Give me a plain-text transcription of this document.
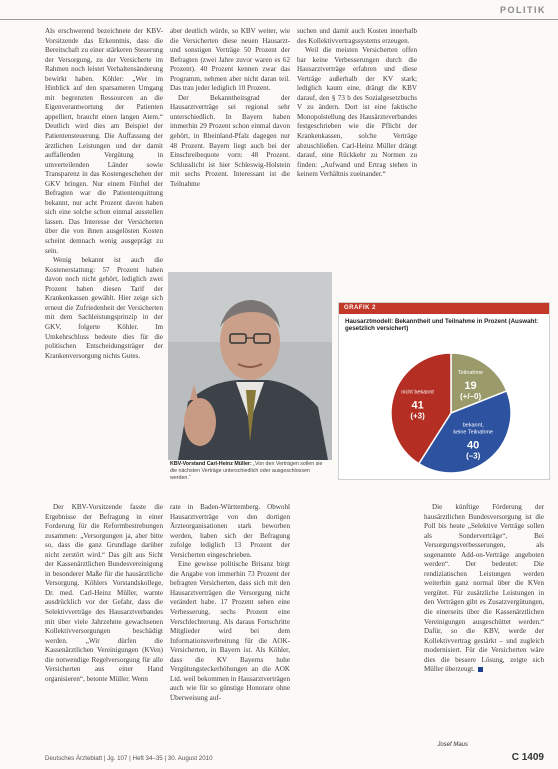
POLITIK

Als erschwerend bezeichnete der KBV-Vorsitzende das Erkenntnis, dass die Bereitschaft zu einer stärkeren Steuerung der Versorgung, zu der Versicherte im Rahmen noch leistet Verhaltensänderung bewirkt haben. Köhler: „Wer im Hinblick auf den sparsameren Umgang mit begrenzten Ressourcen an die Eigenverantwortung der Patienten appelliert, braucht einen langen Atem.“ Deutlich wird dies am Beispiel der Patientensteuerung. Die Auffassung der ärztlichen Leistungen und der damit auffallenden Vergütung in umverteilenden Länder sowie Transparenz in das Kostengeschehen der GKV bringen. Nur einem Fünftel der Befragten war die Patientenquittung bekannt, nur acht Prozent davon haben sich eine solche schon einmal ausstellen lassen. Das Interesse der Versicherten über die von ihnen ausgelösten Kosten scheint demnach wenig ausgeprägt zu sein.

Wenig bekannt ist auch die Kostenerstattung: 57 Prozent haben davon noch nicht gehört, lediglich zwei Prozent haben diesen Tarif der Krankenkassen gewählt. Hier zeige sich erneut die Zufriedenheit der Versicherten mit dem Sachleistungsprinzip in der GKV, folgerte Köhler. Im Umkehrschluss bedeute dies für die politischen Entscheidungsträger der Krankenversorgung nichts Gutes.

Der KBV-Vorsitzende fasste die Ergebnisse der Befragung in einer Forderung für die Reformbestrebungen zusammen: „Versorgungen ja, aber bitte so, dass die ganz Grundlage darüber nicht zerstört wird.“ Das gilt aus Sicht der Kassenärztlichen Bundesvereinigung in besonderer Maße für die hausärztliche Versorgung. Köhlers Vorstandskollege, Dr. med. Carl-Heinz Müller, warnte ausdrücklich vor der Gefahr, dass die Selektivverträge des Hausarztverbandes mit über viele Jahrzehnte gewachsenen Kollektivversorgungen beschädigt werden. „Wir dürfen die Kassenärztlichen Vereinigungen (KVen) die notwendige Regelversorgung für alle Versicherten aus einer Hand organisieren“, betonte Müller. Wenn

aber deutlich würde, so KBV weiter, wie die Versicherten diese neuen Hausarzt- und sonstigen Verträge 50 Prozent der Befragten (zwei Jahre zuvor waren es 62 Prozent). 40 Prozent kennen zwar das Programm, nehmen aber nicht daran teil. Das trau jeder lediglich 10 Prozent.

Der Bekanntheitsgrad der Hausarztverträge sei regional sehr unterschiedlich. In Bayern haben immerhin 29 Prozent schon einmal davon gehört, in Rheinland-Pfalz dagegen nur 48 Prozent. Bayern liegt auch bei der Einschreibequote vorn: 48 Prozent. Schlusslicht ist hier Schleswig-Holstein mit sechs Prozent. Interessant ist die Teilnahme

rate in Baden-Württemberg. Obwohl Hausarztverträge von den dortigen Ärzteorganisationen stark beworben werden, haben sich der Befragung zufolge lediglich 13 Prozent der Versicherten eingeschrieben.

Eine gewisse politische Brisanz birgt die Angabe von immerhin 73 Prozent der befragten Versicherten, dass sich mit den Hausarztverträgen die Versorgung nicht verändert habe. 17 Prozent sehen eine Verbesserung, sechs Prozent eine Verschlechterung. Als daraus Fortschritte Mitglieder wird bei dem Informationsverbreitung für die AOK-Versicherten, in Bayern ist. Als Köhler, dass die KV Bayerns hohe Vergütungsteckerhöhungen an die AOK Ltd. weil bekommen in Hausarztverträgen auch wie für so günstige Honorare ohne Überweisung auf-

suchen und damit auch Kosten innerhalb des Kollektivvertragssystems erzeugen.

Weil die meisten Versicherten offen bar keine Verbesserungen durch die Hausarztverträge erfahren und diese Verträge außerhalb der KV stark; lediglich kaum eine, drängt die KBV darauf, den § 73 b des Sozialgesetzbuchs V zu ändern. Dort ist eine faktische Monopolstellung des Hausärzteverbandes festgeschrieben wie die Pflicht der Krankenkassen, solche Verträge abzuschließen. Carl-Heinz Müller drängt darauf, eine Rückkehr zu Normen zu finden: „Aufwand und Ertrag stehen in keinem Verhältnis zueinander.“

Die künftige Förderung der hausärztlichen Bundesversorgung ist die Poll bis heute „Selektive Verträge sollen als Sonderverträge“, Bei Versorgungsverbesserungen, als sogenannte Add-on-Verträge angeboten werden“. Der bedeutet: Die rendiziatischen Leistungen werden weiterhin ganz normal über die KVen vergütet. Für zusätzliche Leistungen in den Verträgen gibt es Zusatzvergütungen, die einerseits über die Kassenärztlichen Vereinigungen ausgeschüttet werden.“ Dafür, so die KBV, werde der Kollektivvertrag gestärkt – und zugleich modernisiert. Für die Versicherten wäre dies die bessere Lösung, zeigte sich Müller überzeugt.

KBV-Vorstand Carl-Heinz Müller: „Von den Verträgen sollen sie die nächsten Verträge unterschiedlich oder ausgeschlossen werden.“
GRAFIK 2
Hausarztmodell: Bekanntheit und Teilnahme in Prozent (Auswahl: gesetzlich versichert)
Teilnahme
19
(+/–0)
bekannt,
keine Teilnahme
40
(–3)
nicht bekannt
41
(+3)
Josef Maus
Deutsches Ärzteblatt | Jg. 107 | Heft 34–35 | 30. August 2010	C 1409
